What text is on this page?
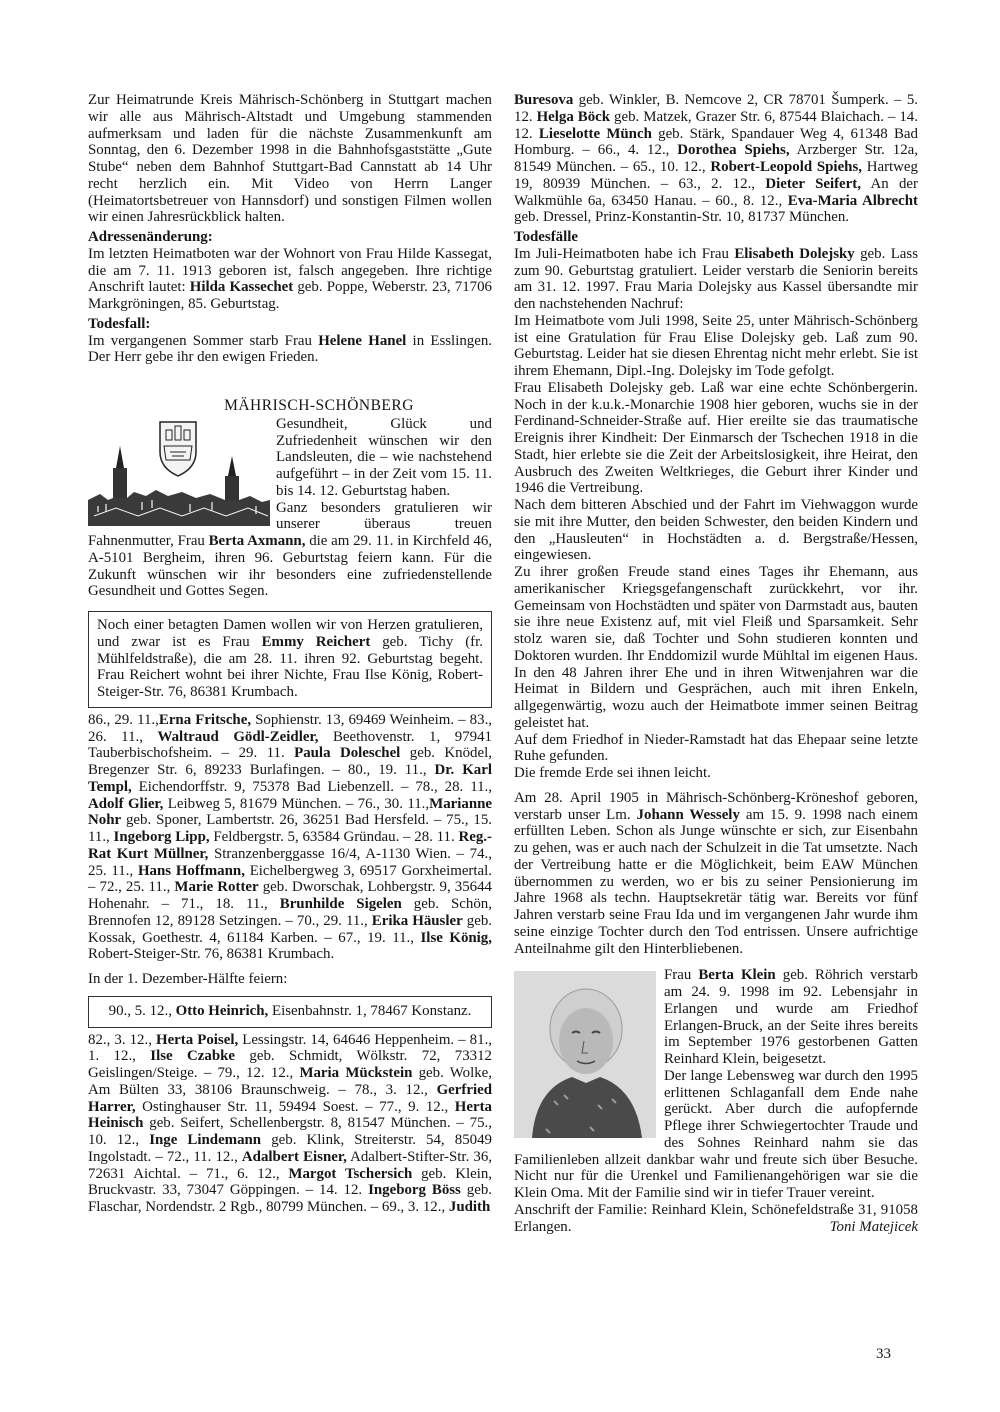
Zur Heimatrunde Kreis Mährisch-Schönberg in Stuttgart machen wir alle aus Mährisch-Altstadt und Umgebung stammenden aufmerksam und laden für die nächste Zusammenkunft am Sonntag, den 6. Dezember 1998 in die Bahnhofsgaststätte „Gute Stube“ neben dem Bahnhof Stuttgart-Bad Cannstatt ab 14 Uhr recht herzlich ein. Mit Video von Herrn Langer (Heimatortsbetreuer von Hannsdorf) und sonstigen Filmen wollen wir einen Jahresrückblick halten.

Adressenänderung:

Im letzten Heimatboten war der Wohnort von Frau Hilde Kassegat, die am 7. 11. 1913 geboren ist, falsch angegeben. Ihre richtige Anschrift lautet: Hilda Kassechet geb. Poppe, Weberstr. 23, 71706 Markgröningen, 85. Geburtstag.

Todesfall:

Im vergangenen Sommer starb Frau Helene Hanel in Esslingen. Der Herr gebe ihr den ewigen Frieden.

MÄHRISCH-SCHÖNBERG

Gesundheit, Glück und Zufriedenheit wünschen wir den Landsleuten, die – wie nachstehend aufgeführt – in der Zeit vom 15. 11. bis 14. 12. Geburtstag haben.

Ganz besonders gratulieren wir unserer überaus treuen Fahnenmutter, Frau Berta Axmann, die am 29. 11. in Kirchfeld 46, A-5101 Bergheim, ihren 96. Geburtstag feiern kann. Für die Zukunft wünschen wir ihr besonders eine zufriedenstellende Gesundheit und Gottes Segen.

Noch einer betagten Damen wollen wir von Herzen gratulieren, und zwar ist es Frau Emmy Reichert geb. Tichy (fr. Mühlfeldstraße), die am 28. 11. ihren 92. Geburtstag begeht. Frau Reichert wohnt bei ihrer Nichte, Frau Ilse König, Robert-Steiger-Str. 76, 86381 Krumbach.

86., 29. 11.,Erna Fritsche, Sophienstr. 13, 69469 Weinheim. – 83., 26. 11., Waltraud Gödl-Zeidler, Beethovenstr. 1, 97941 Tauberbischofsheim. – 29. 11. Paula Doleschel geb. Knödel, Bregenzer Str. 6, 89233 Burlafingen. – 80., 19. 11., Dr. Karl Templ, Eichendorffstr. 9, 75378 Bad Liebenzell. – 78., 28. 11., Adolf Glier, Leibweg 5, 81679 München. – 76., 30. 11.,Marianne Nohr geb. Sponer, Lambertstr. 26, 36251 Bad Hersfeld. – 75., 15. 11., Ingeborg Lipp, Feldbergstr. 5, 63584 Gründau. – 28. 11. Reg.-Rat Kurt Müllner, Stranzenberggasse 16/4, A-1130 Wien. – 74., 25. 11., Hans Hoffmann, Eichelbergweg 3, 69517 Gorxheimertal. – 72., 25. 11., Marie Rotter geb. Dworschak, Lohbergstr. 9, 35644 Hohenahr. – 71., 18. 11., Brunhilde Sigelen geb. Schön, Brennofen 12, 89128 Setzingen. – 70., 29. 11., Erika Häusler geb. Kossak, Goethestr. 4, 61184 Karben. – 67., 19. 11., Ilse König, Robert-Steiger-Str. 76, 86381 Krumbach.

In der 1. Dezember-Hälfte feiern:

90., 5. 12., Otto Heinrich, Eisenbahnstr. 1, 78467 Konstanz.

82., 3. 12., Herta Poisel, Lessingstr. 14, 64646 Heppenheim. – 81., 1. 12., Ilse Czabke geb. Schmidt, Wölkstr. 72, 73312 Geislingen/Steige. – 79., 12. 12., Maria Mückstein geb. Wolke, Am Bülten 33, 38106 Braunschweig. – 78., 3. 12., Gerfried Harrer, Ostinghauser Str. 11, 59494 Soest. – 77., 9. 12., Herta Heinisch geb. Seifert, Schellenbergstr. 8, 81547 München. – 75., 10. 12., Inge Lindemann geb. Klink, Streiterstr. 54, 85049 Ingolstadt. – 72., 11. 12., Adalbert Eisner, Adalbert-Stifter-Str. 36, 72631 Aichtal. – 71., 6. 12., Margot Tschersich geb. Klein, Bruckvastr. 33, 73047 Göppingen. – 14. 12. Ingeborg Böss geb. Flaschar, Nordendstr. 2 Rgb., 80799 München. – 69., 3. 12., Judith

Buresova geb. Winkler, B. Nemcove 2, CR 78701 Šumperk. – 5. 12. Helga Böck geb. Matzek, Grazer Str. 6, 87544 Blaichach. – 14. 12. Lieselotte Münch geb. Stärk, Spandauer Weg 4, 61348 Bad Homburg. – 66., 4. 12., Dorothea Spiehs, Arzberger Str. 12a, 81549 München. – 65., 10. 12., Robert-Leopold Spiehs, Hartweg 19, 80939 München. – 63., 2. 12., Dieter Seifert, An der Walkmühle 6a, 63450 Hanau. – 60., 8. 12., Eva-Maria Albrecht geb. Dressel, Prinz-Konstantin-Str. 10, 81737 München.

Todesfälle

Im Juli-Heimatboten habe ich Frau Elisabeth Dolejsky geb. Lass zum 90. Geburtstag gratuliert. Leider verstarb die Seniorin bereits am 31. 12. 1997. Frau Maria Dolejsky aus Kassel übersandte mir den nachstehenden Nachruf:

Im Heimatbote vom Juli 1998, Seite 25, unter Mährisch-Schönberg ist eine Gratulation für Frau Elise Dolejsky geb. Laß zum 90. Geburtstag. Leider hat sie diesen Ehrentag nicht mehr erlebt. Sie ist ihrem Ehemann, Dipl.-Ing. Dolejsky im Tode gefolgt.

Frau Elisabeth Dolejsky geb. Laß war eine echte Schönbergerin. Noch in der k.u.k.-Monarchie 1908 hier geboren, wuchs sie in der Ferdinand-Schneider-Straße auf. Hier ereilte sie das traumatische Ereignis ihrer Kindheit: Der Einmarsch der Tschechen 1918 in die Stadt, hier erlebte sie die Zeit der Arbeitslosigkeit, ihre Heirat, den Ausbruch des Zweiten Weltkrieges, die Geburt ihrer Kinder und 1946 die Vertreibung.

Nach dem bitteren Abschied und der Fahrt im Viehwaggon wurde sie mit ihre Mutter, den beiden Schwester, den beiden Kindern und den „Hausleuten“ in Hochstädten a. d. Bergstraße/Hessen, eingewiesen.

Zu ihrer großen Freude stand eines Tages ihr Ehemann, aus amerikanischer Kriegsgefangenschaft zurückkehrt, vor ihr. Gemeinsam von Hochstädten und später von Darmstadt aus, bauten sie ihre neue Existenz auf, mit viel Fleiß und Sparsamkeit. Sehr stolz waren sie, daß Tochter und Sohn studieren konnten und Doktoren wurden. Ihr Enddomizil wurde Mühltal im eigenen Haus. In den 48 Jahren ihrer Ehe und in ihren Witwenjahren war die Heimat in Bildern und Gesprächen, auch mit ihren Enkeln, allgegenwärtig, wozu auch der Heimatbote immer seinen Beitrag geleistet hat.

Auf dem Friedhof in Nieder-Ramstadt hat das Ehepaar seine letzte Ruhe gefunden.

Die fremde Erde sei ihnen leicht.

Am 28. April 1905 in Mährisch-Schönberg-Kröneshof geboren, verstarb unser Lm. Johann Wessely am 15. 9. 1998 nach einem erfüllten Leben. Schon als Junge wünschte er sich, zur Eisenbahn zu gehen, was er auch nach der Schulzeit in die Tat umsetzte. Nach der Vertreibung hatte er die Möglichkeit, beim EAW München übernommen zu werden, wo er bis zu seiner Pensionierung im Jahre 1968 als techn. Hauptsekretär tätig war. Bereits vor fünf Jahren verstarb seine Frau Ida und im vergangenen Jahr wurde ihm seine einzige Tochter durch den Tod entrissen. Unsere aufrichtige Anteilnahme gilt den Hinterbliebenen.

Frau Berta Klein geb. Röhrich verstarb am 24. 9. 1998 im 92. Lebensjahr in Erlangen und wurde am Friedhof Erlangen-Bruck, an der Seite ihres bereits im September 1976 gestorbenen Gatten Reinhard Klein, beigesetzt.

Der lange Lebensweg war durch den 1995 erlittenen Schlaganfall dem Ende nahe gerückt. Aber durch die aufopfernde Pflege ihrer Schwiegertochter Traude und des Sohnes Reinhard nahm sie das Familienleben allzeit dankbar wahr und freute sich über Besuche. Nicht nur für die Urenkel und Familienangehörigen war sie die Klein Oma. Mit der Familie sind wir in tiefer Trauer vereint.

Anschrift der Familie: Reinhard Klein, Schönefeldstraße 31, 91058 Erlangen.	Toni Matejicek

33
